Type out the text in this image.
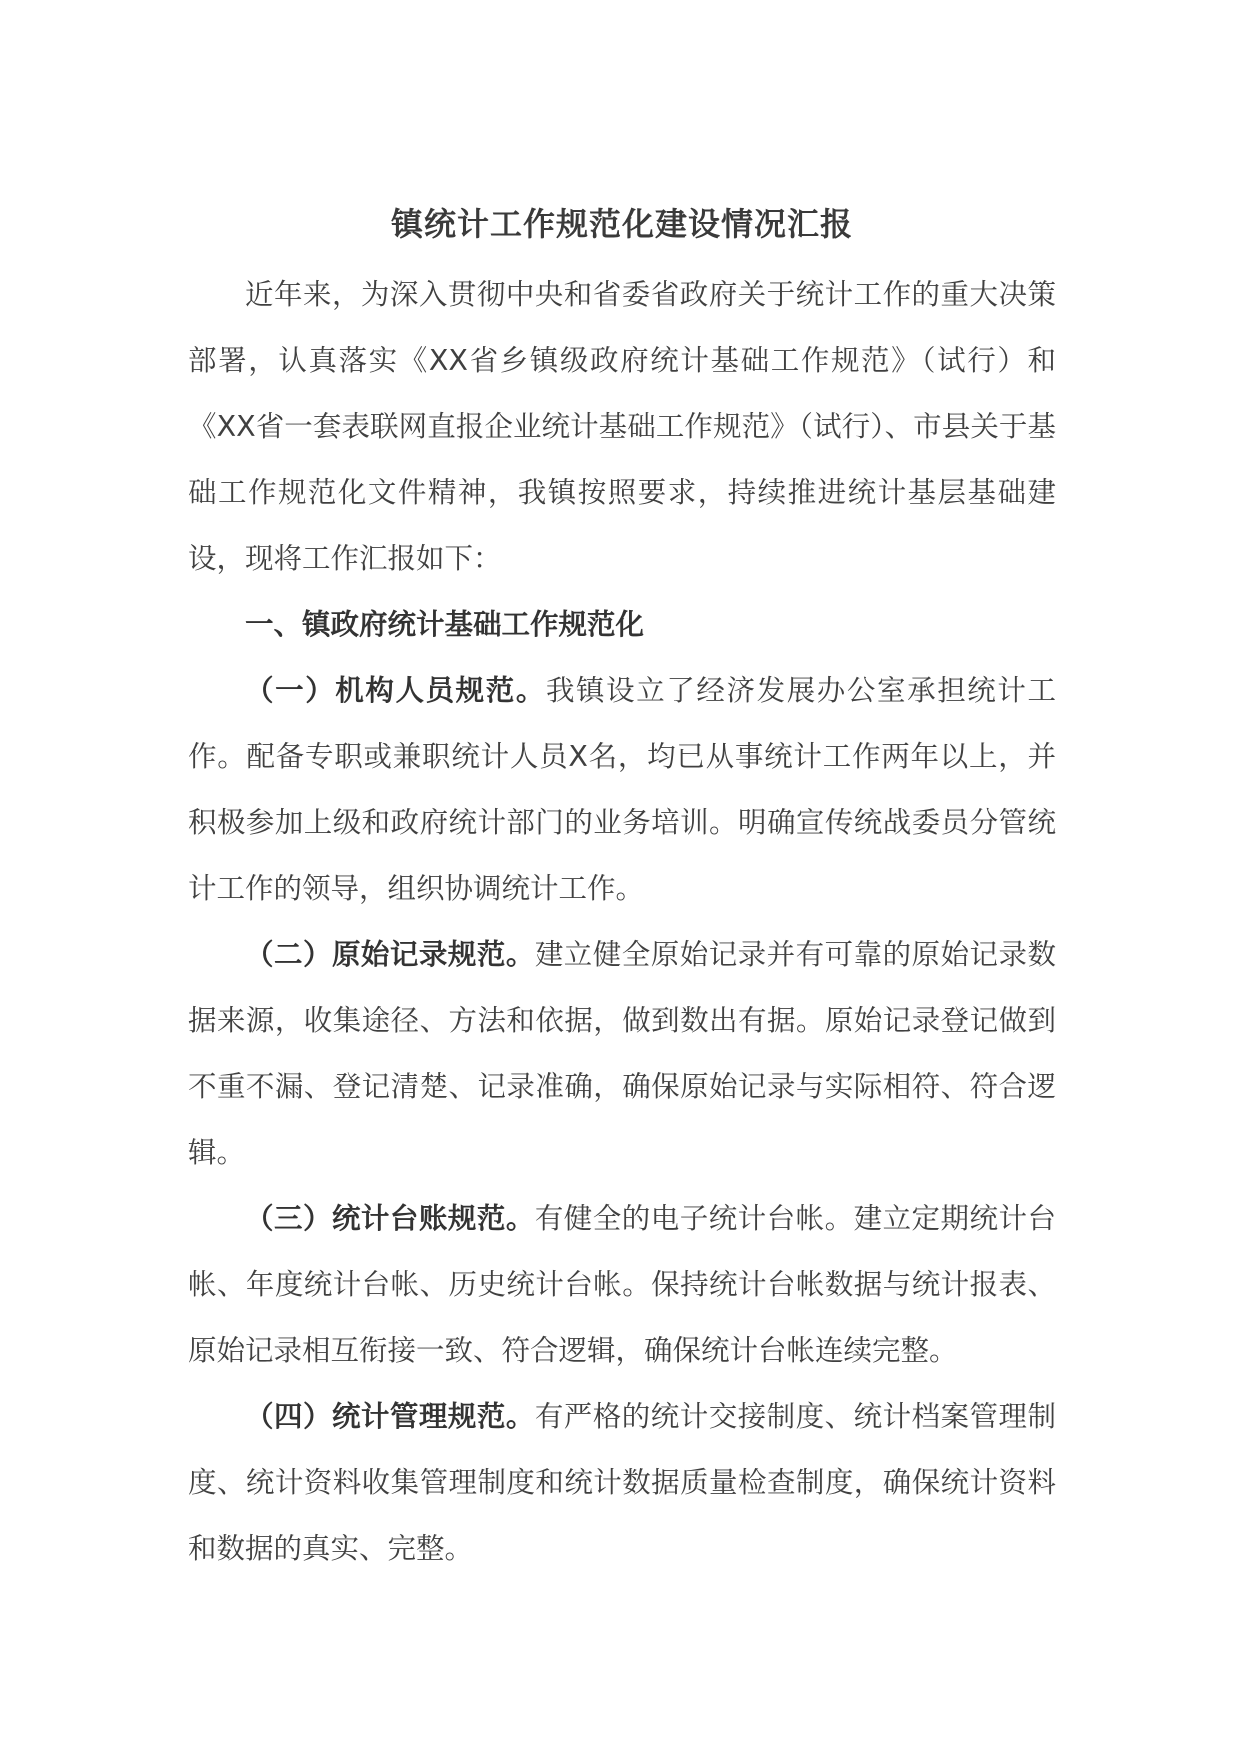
镇统计工作规范化建设情况汇报

近年来，为深入贯彻中央和省委省政府关于统计工作的重大决策部署，认真落实《XX省乡镇级政府统计基础工作规范》（试行）和《XX省一套表联网直报企业统计基础工作规范》（试行）、市县关于基础工作规范化文件精神，我镇按照要求，持续推进统计基层基础建设，现将工作汇报如下：

一、镇政府统计基础工作规范化

（一）机构人员规范。我镇设立了经济发展办公室承担统计工作。配备专职或兼职统计人员X名，均已从事统计工作两年以上，并积极参加上级和政府统计部门的业务培训。明确宣传统战委员分管统计工作的领导，组织协调统计工作。

（二）原始记录规范。建立健全原始记录并有可靠的原始记录数据来源，收集途径、方法和依据，做到数出有据。原始记录登记做到不重不漏、登记清楚、记录准确，确保原始记录与实际相符、符合逻辑。

（三）统计台账规范。有健全的电子统计台帐。建立定期统计台帐、年度统计台帐、历史统计台帐。保持统计台帐数据与统计报表、原始记录相互衔接一致、符合逻辑，确保统计台帐连续完整。

（四）统计管理规范。有严格的统计交接制度、统计档案管理制度、统计资料收集管理制度和统计数据质量检查制度，确保统计资料和数据的真实、完整。
